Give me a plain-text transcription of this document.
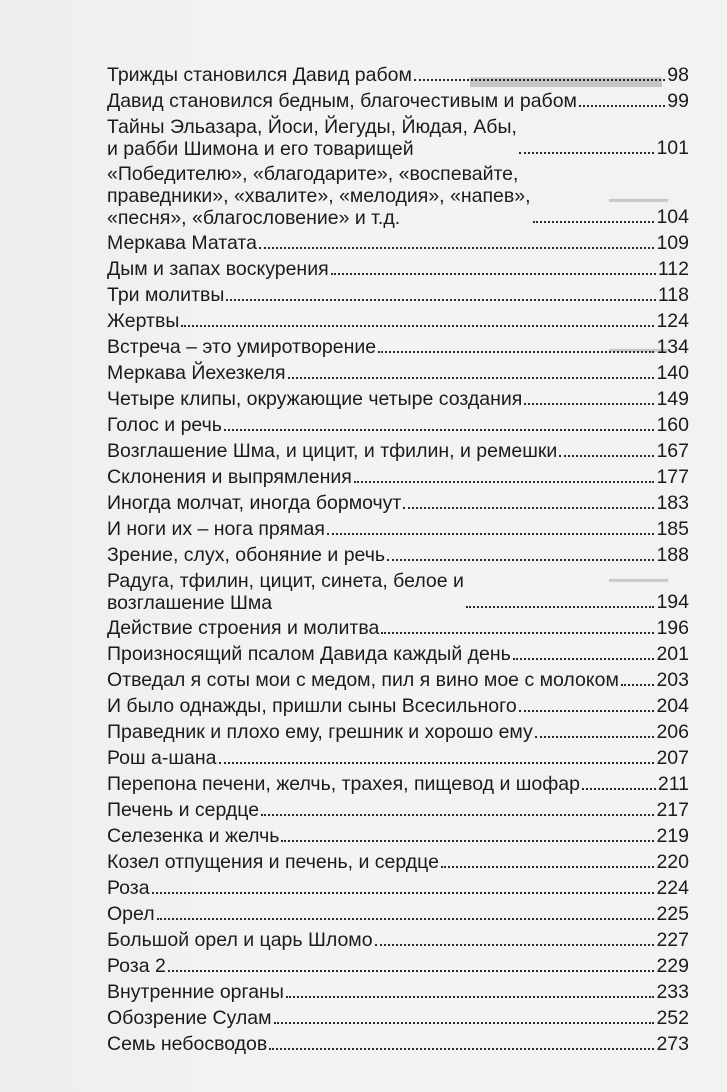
▬▬▬▬▬▬
▁▁▁▁
▁▁▁▁
▁▁▁▁
Трижды становился Давид рабом	98
Давид становился бедным, благочестивым и рабом	99
Тайны Эльазара, Йоси, Йегуды, Йюдая, Абы,
и рабби Шимона и его товарищей	101
«Победителю», «благодарите», «воспевайте,
праведники», «хвалите», «мелодия», «напев»,
«песня», «благословение» и т.д.	104
Меркава Матата	109
Дым и запах воскурения	112
Три молитвы	118
Жертвы	124
Встреча – это умиротворение	134
Меркава Йехезкеля	140
Четыре клипы, окружающие четыре создания	149
Голос и речь	160
Возглашение Шма, и цицит, и тфилин, и ремешки	167
Склонения и выпрямления	177
Иногда молчат, иногда бормочут	183
И ноги их – нога прямая	185
Зрение, слух, обоняние и речь	188
Радуга, тфилин, цицит, синета, белое и
возглашение Шма	194
Действие строения и молитва	196
Произносящий псалом Давида каждый день	201
Отведал я соты мои с медом, пил я вино мое с молоком 203
И было однажды, пришли сыны Всесильного	204
Праведник и плохо ему, грешник и хорошо ему	206
Рош а-шана	207
Перепона печени, желчь, трахея, пищевод и шофар	211
Печень и сердце	217
Селезенка и желчь	219
Козел отпущения и печень, и сердце	220
Роза	224
Орел	225
Большой орел и царь Шломо	227
Роза 2	229
Внутренние органы	233
Обозрение Сулам	252
Семь небосводов	273
